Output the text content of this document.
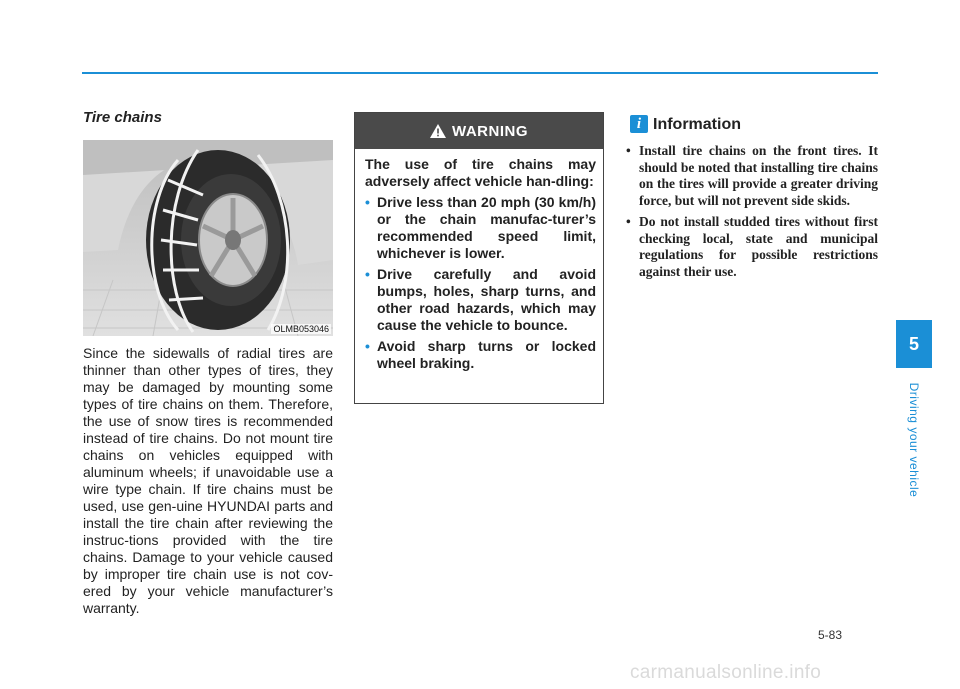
Tire chains
OLMB053046
Since the sidewalls of radial tires are thinner than other types of tires, they may be damaged by mounting some types of tire chains on them. Therefore, the use of snow tires is recommended instead of tire chains. Do not mount tire chains on vehicles equipped with aluminum wheels; if unavoidable use a wire type chain. If tire chains must be used, use gen-uine HYUNDAI parts and install the tire chain after reviewing the instruc-tions provided with the tire chains. Damage to your vehicle caused by improper tire chain use is not cov-ered by your vehicle manufacturer’s warranty.
WARNING
The use of tire chains may adversely affect vehicle han-dling:
• Drive less than 20 mph (30 km/h) or the chain manufac-turer’s recommended speed limit, whichever is lower.
• Drive carefully and avoid bumps, holes, sharp turns, and other road hazards, which may cause the vehicle to bounce.
• Avoid sharp turns or locked wheel braking.
i Information
• Install tire chains on the front tires. It should be noted that installing tire chains on the tires will provide a greater driving force, but will not prevent side skids.
• Do not install studded tires without first checking local, state and municipal regulations for possible restrictions against their use.
5
Driving your vehicle
5-83
carmanualsonline.info
